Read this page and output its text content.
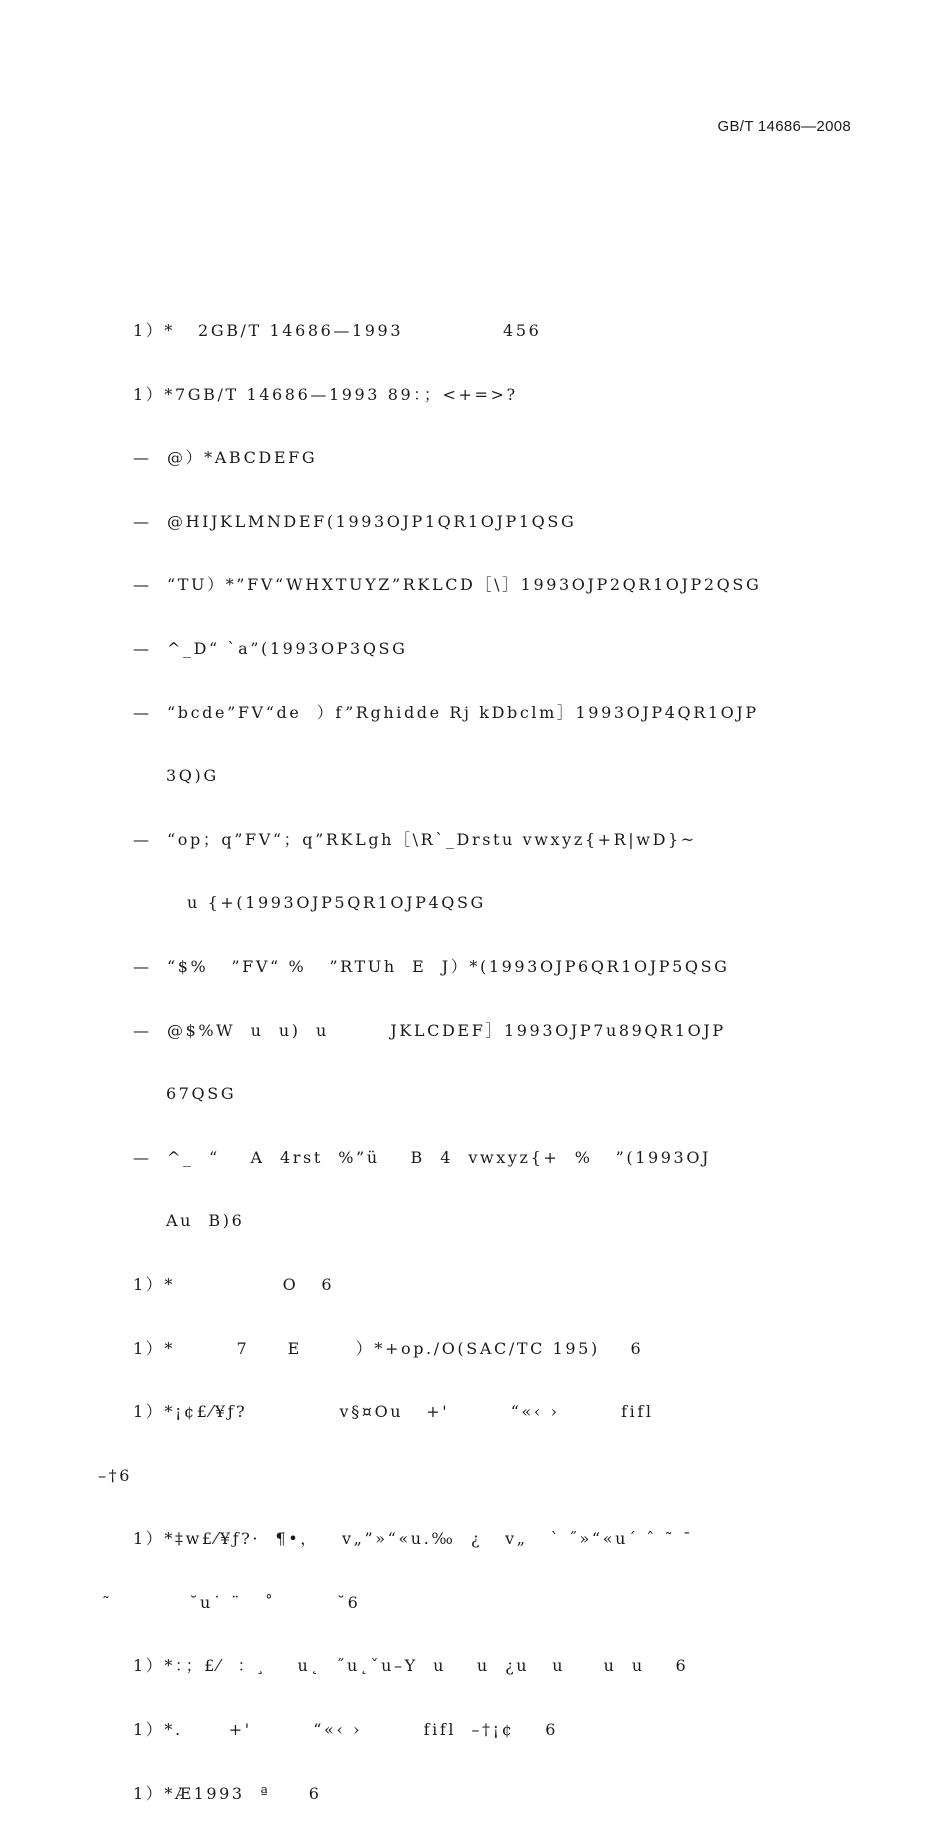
GB/T 14686—2008

1）*   2GB∕T 14686—1993             456

1）*7GB∕T 14686—1993 89：；<+=>?

—  @）*ABCDEFG

—  @HIJKLMNDEF(1993OJP1QR1OJP1QSG

—  “TU）*”FV“WHXTUYZ”RKLCD［\］1993OJP2QR1OJP2QSG

—  ^_D“ `a”(1993OP3QSG

—  “bcde”FV“de  ）f”Rghidde Rj kDbclm］1993OJP4QR1OJP

3Q)G

—  “op；q”FV“；q”RKLgh［\R`_Drstu vwxyz{+R|wD}~

u {+(1993OJP5QR1OJP4QSG

—  “$%   ”FV“ %   ”RTUh  E  J）*(1993OJP6QR1OJP5QSG

—  @$%W  u  u)  u        JKLCDEF］1993OJP7u89QR1OJP

67QSG

—  ^_  “    A  4rst  %”ü    B  4  vwxyz{+  %   ”(1993OJ

Au  B)6

1）*              O   6

1）*        7     E       ）*+op./O(SAC∕TC 195)    6

1）*¡¢£⁄¥ƒ?            v§¤Ou   +'        “«‹ ›        fifl

–†6

1）*‡w£⁄¥ƒ?·  ¶•，   v„”»“«u.‰  ¿   v„   ˋ ˝»“«uˊ ˆ ˜ ¯

˜          ˘u˙ ¨   ˚        ˘6

1）*：；£⁄  ：¸    u˛  ˝u˛ˇu–Y  u    u  ¿u   u     u  u    6

1）*.      +'        “«‹ ›        fifl  –†¡¢    6

1）*Æ1993  ª     6
